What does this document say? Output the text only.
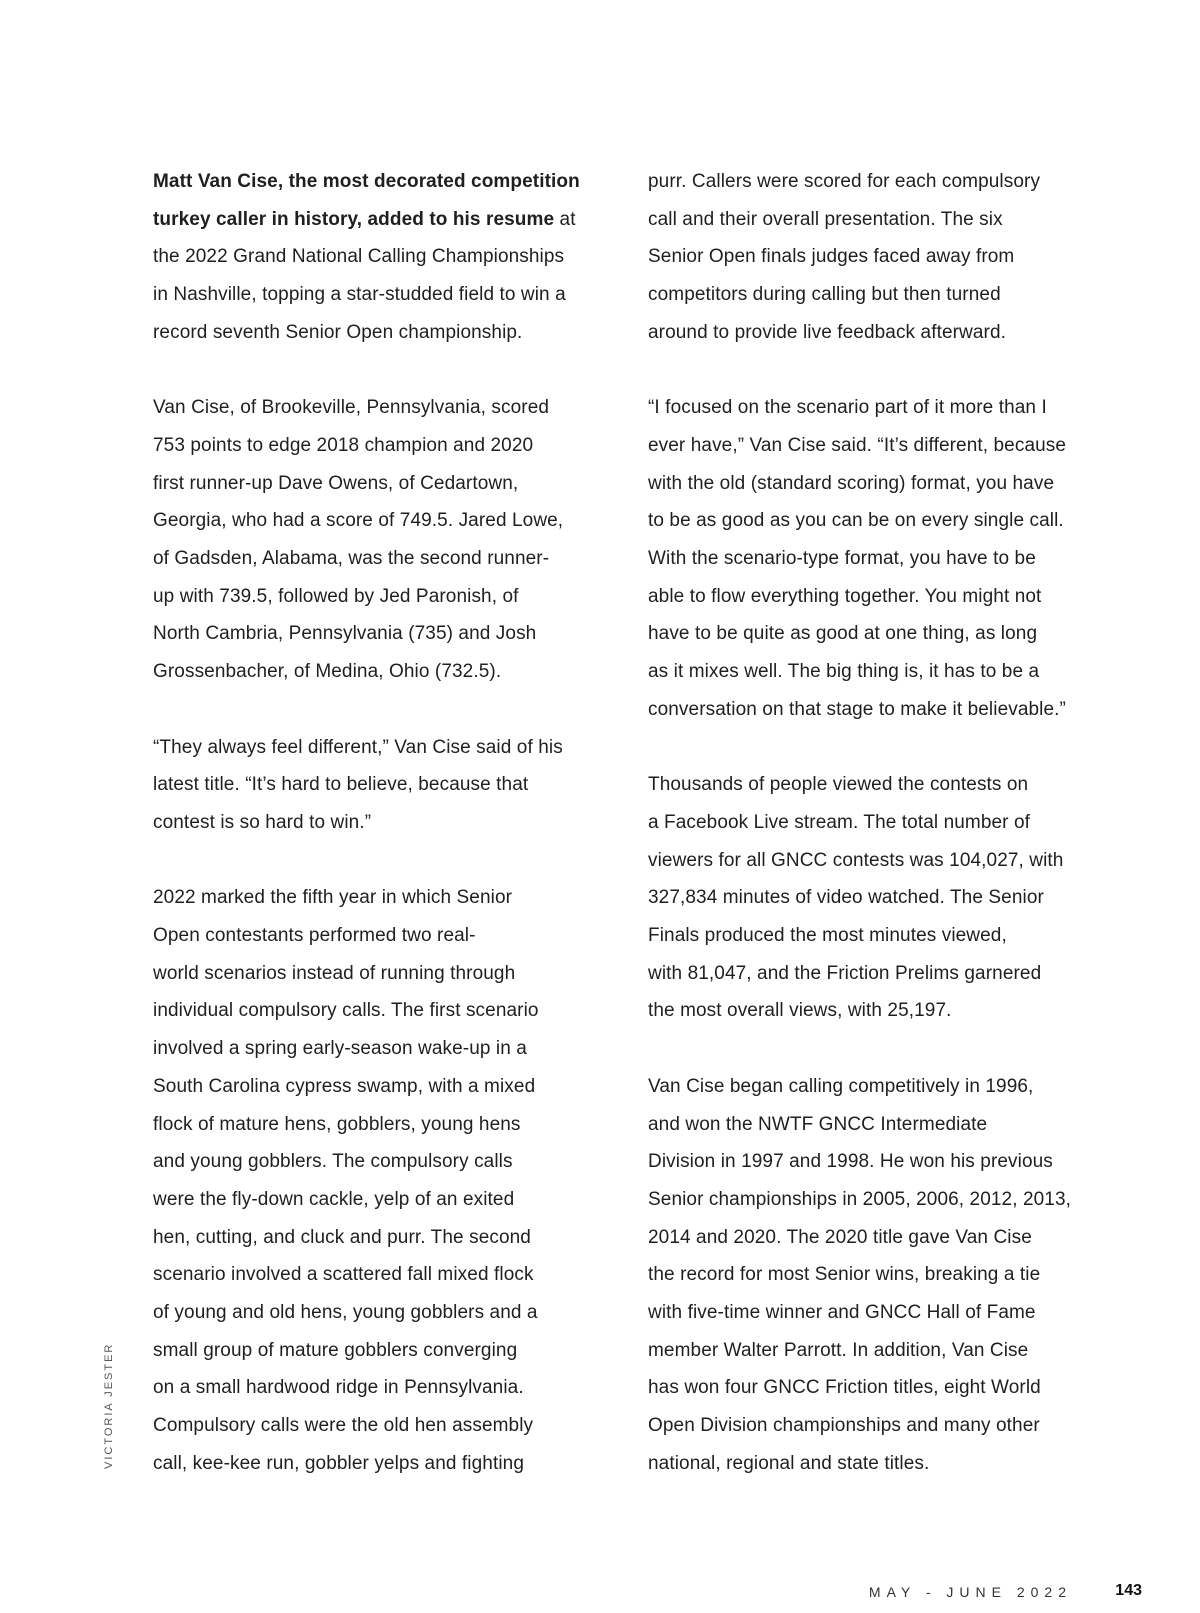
Matt Van Cise, the most decorated competition
turkey caller in history, added to his resume at
the 2022 Grand National Calling Championships
in Nashville, topping a star-studded field to win a
record seventh Senior Open championship.
Van Cise, of Brookeville, Pennsylvania, scored
753 points to edge 2018 champion and 2020
first runner-up Dave Owens, of Cedartown,
Georgia, who had a score of 749.5. Jared Lowe,
of Gadsden, Alabama, was the second runner-
up with 739.5, followed by Jed Paronish, of
North Cambria, Pennsylvania (735) and Josh
Grossenbacher, of Medina, Ohio (732.5).
“They always feel different,” Van Cise said of his
latest title. “It’s hard to believe, because that
contest is so hard to win.”
2022 marked the fifth year in which Senior
Open contestants performed two real-
world scenarios instead of running through
individual compulsory calls. The first scenario
involved a spring early-season wake-up in a
South Carolina cypress swamp, with a mixed
flock of mature hens, gobblers, young hens
and young gobblers. The compulsory calls
were the fly-down cackle, yelp of an exited
hen, cutting, and cluck and purr. The second
scenario involved a scattered fall mixed flock
of young and old hens, young gobblers and a
small group of mature gobblers converging
on a small hardwood ridge in Pennsylvania.
Compulsory calls were the old hen assembly
call, kee-kee run, gobbler yelps and fighting
purr. Callers were scored for each compulsory
call and their overall presentation. The six
Senior Open finals judges faced away from
competitors during calling but then turned
around to provide live feedback afterward.
“I focused on the scenario part of it more than I
ever have,” Van Cise said. “It’s different, because
with the old (standard scoring) format, you have
to be as good as you can be on every single call.
With the scenario-type format, you have to be
able to flow everything together. You might not
have to be quite as good at one thing, as long
as it mixes well. The big thing is, it has to be a
conversation on that stage to make it believable.”
Thousands of people viewed the contests on
a Facebook Live stream. The total number of
viewers for all GNCC contests was 104,027, with
327,834 minutes of video watched. The Senior
Finals produced the most minutes viewed,
with 81,047, and the Friction Prelims garnered
the most overall views, with 25,197.
Van Cise began calling competitively in 1996,
and won the NWTF GNCC Intermediate
Division in 1997 and 1998. He won his previous
Senior championships in 2005, 2006, 2012, 2013,
2014 and 2020. The 2020 title gave Van Cise
the record for most Senior wins, breaking a tie
with five-time winner and GNCC Hall of Fame
member Walter Parrott. In addition, Van Cise
has won four GNCC Friction titles, eight World
Open Division championships and many other
national, regional and state titles.
VICTORIA JESTER
MAY - JUNE 2022	143
